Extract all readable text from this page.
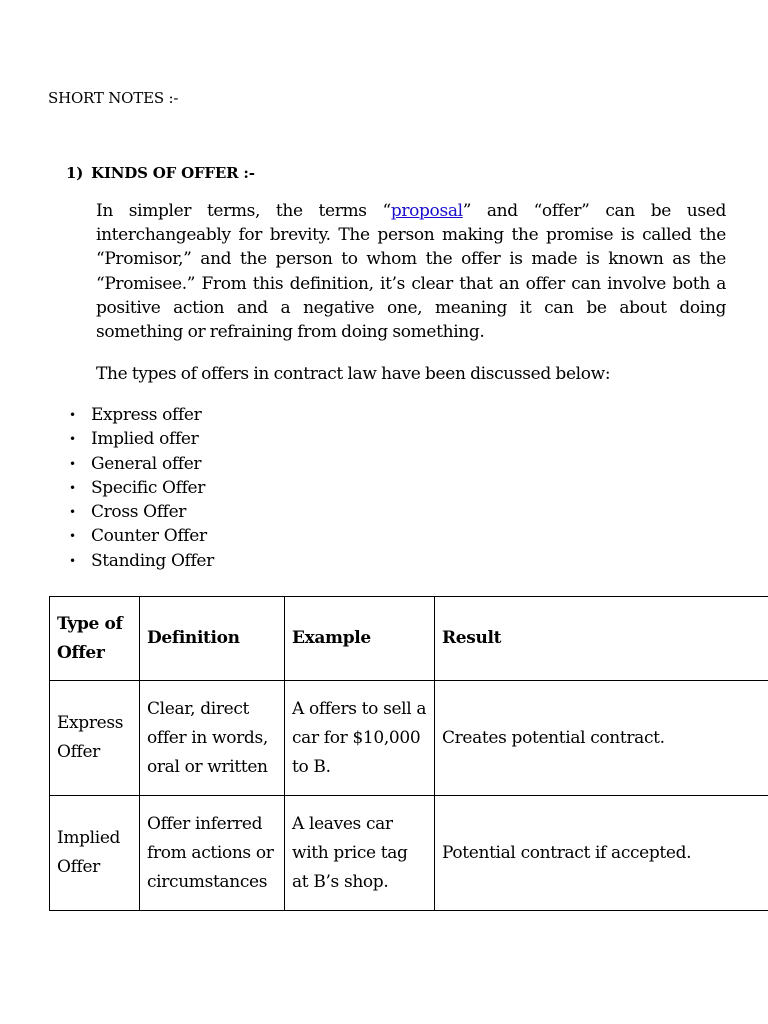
SHORT NOTES :-
1) KINDS OF OFFER :-

In simpler terms, the terms “proposal” and “offer” can be used interchangeably for brevity. The person making the promise is called the “Promisor,” and the person to whom the offer is made is known as the “Promisee.” From this definition, it’s clear that an offer can involve both a positive action and a negative one, meaning it can be about doing something or refraining from doing something.

The types of offers in contract law have been discussed below:

• Express offer
• Implied offer
• General offer
• Specific Offer
• Cross Offer
• Counter Offer
• Standing Offer
Type of Offer	Definition	Example	Result
Express Offer	Clear, direct offer in words, oral or written	A offers to sell a car for $10,000 to B.	Creates potential contract.
Implied Offer	Offer inferred from actions or circumstances	A leaves car with price tag at B’s shop.	Potential contract if accepted.
